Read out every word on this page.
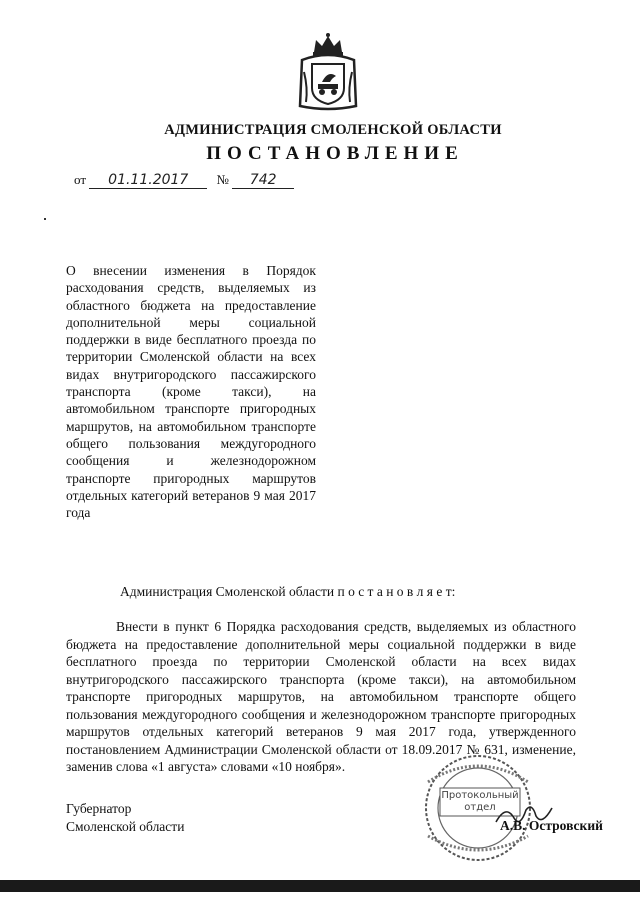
АДМИНИСТРАЦИЯ СМОЛЕНСКОЙ ОБЛАСТИ
ПОСТАНОВЛЕНИЕ
от 01.11.2017 № 742
О внесении изменения в Порядок расходования средств, выделяемых из областного бюджета на предоставление дополнительной меры социальной поддержки в виде бесплатного проезда по территории Смоленской области на всех видах внутригородского пассажирского транспорта (кроме такси), на автомобильном транспорте пригородных маршрутов, на автомобильном транспорте общего пользования междугородного сообщения и железнодорожном транспорте пригородных маршрутов отдельных категорий ветеранов 9 мая 2017 года
Администрация Смоленской области п о с т а н о в л я е т:
Внести в пункт 6 Порядка расходования средств, выделяемых из областного бюджета на предоставление дополнительной меры социальной поддержки в виде бесплатного проезда по территории Смоленской области на всех видах внутригородского пассажирского транспорта (кроме такси), на автомобильном транспорте пригородных маршрутов, на автомобильном транспорте общего пользования междугородного сообщения и железнодорожном транспорте пригородных маршрутов отдельных категорий ветеранов 9 мая 2017 года, утвержденного постановлением Администрации Смоленской области от 18.09.2017 № 631, изменение, заменив слова «1 августа» словами «10 ноября».
Губернатор
Смоленской области
Протокольный
отдел
А.В. Островский
